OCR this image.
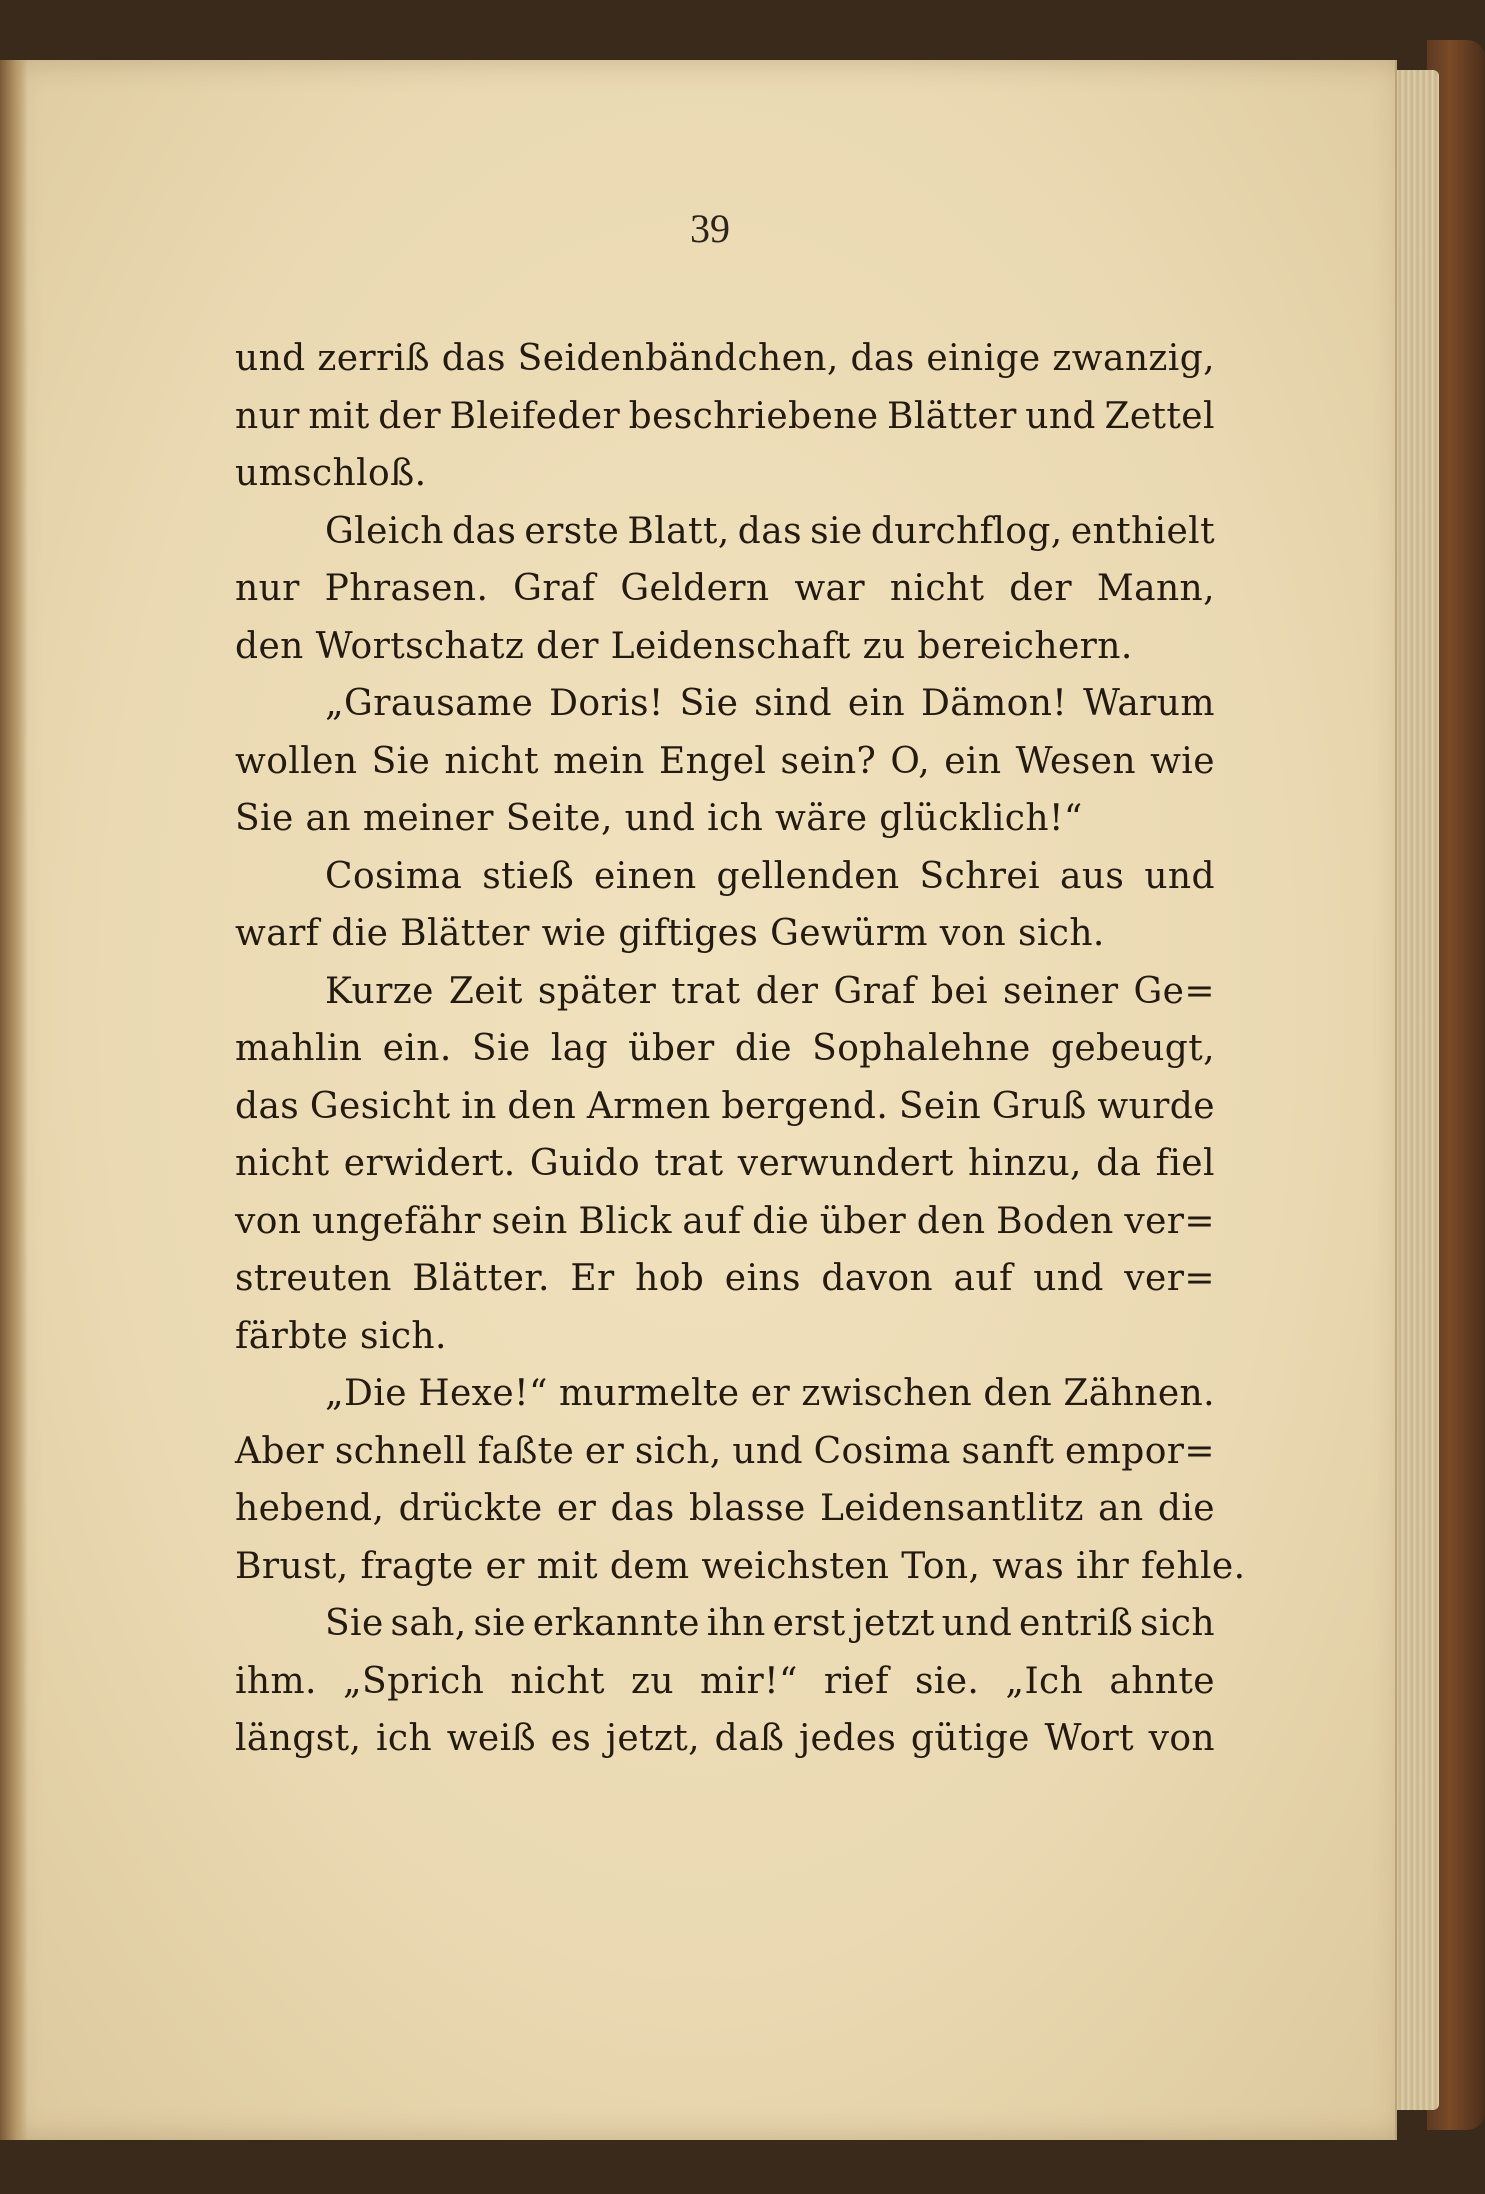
39
und zerriß das Seidenbändchen, das einige zwanzig,
nur mit der Bleifeder beschriebene Blätter und Zettel
umschloß.
Gleich das erste Blatt, das sie durchflog, enthielt
nur Phrasen. Graf Geldern war nicht der Mann,
den Wortschatz der Leidenschaft zu bereichern.
„Grausame Doris! Sie sind ein Dämon! Warum
wollen Sie nicht mein Engel sein? O, ein Wesen wie
Sie an meiner Seite, und ich wäre glücklich!“
Cosima stieß einen gellenden Schrei aus und
warf die Blätter wie giftiges Gewürm von sich.
Kurze Zeit später trat der Graf bei seiner Ge=
mahlin ein. Sie lag über die Sophalehne gebeugt,
das Gesicht in den Armen bergend. Sein Gruß wurde
nicht erwidert. Guido trat verwundert hinzu, da fiel
von ungefähr sein Blick auf die über den Boden ver=
streuten Blätter. Er hob eins davon auf und ver=
färbte sich.
„Die Hexe!“ murmelte er zwischen den Zähnen.
Aber schnell faßte er sich, und Cosima sanft empor=
hebend, drückte er das blasse Leidensantlitz an die
Brust, fragte er mit dem weichsten Ton, was ihr fehle.
Sie sah, sie erkannte ihn erst jetzt und entriß sich
ihm. „Sprich nicht zu mir!“ rief sie. „Ich ahnte
längst, ich weiß es jetzt, daß jedes gütige Wort von
